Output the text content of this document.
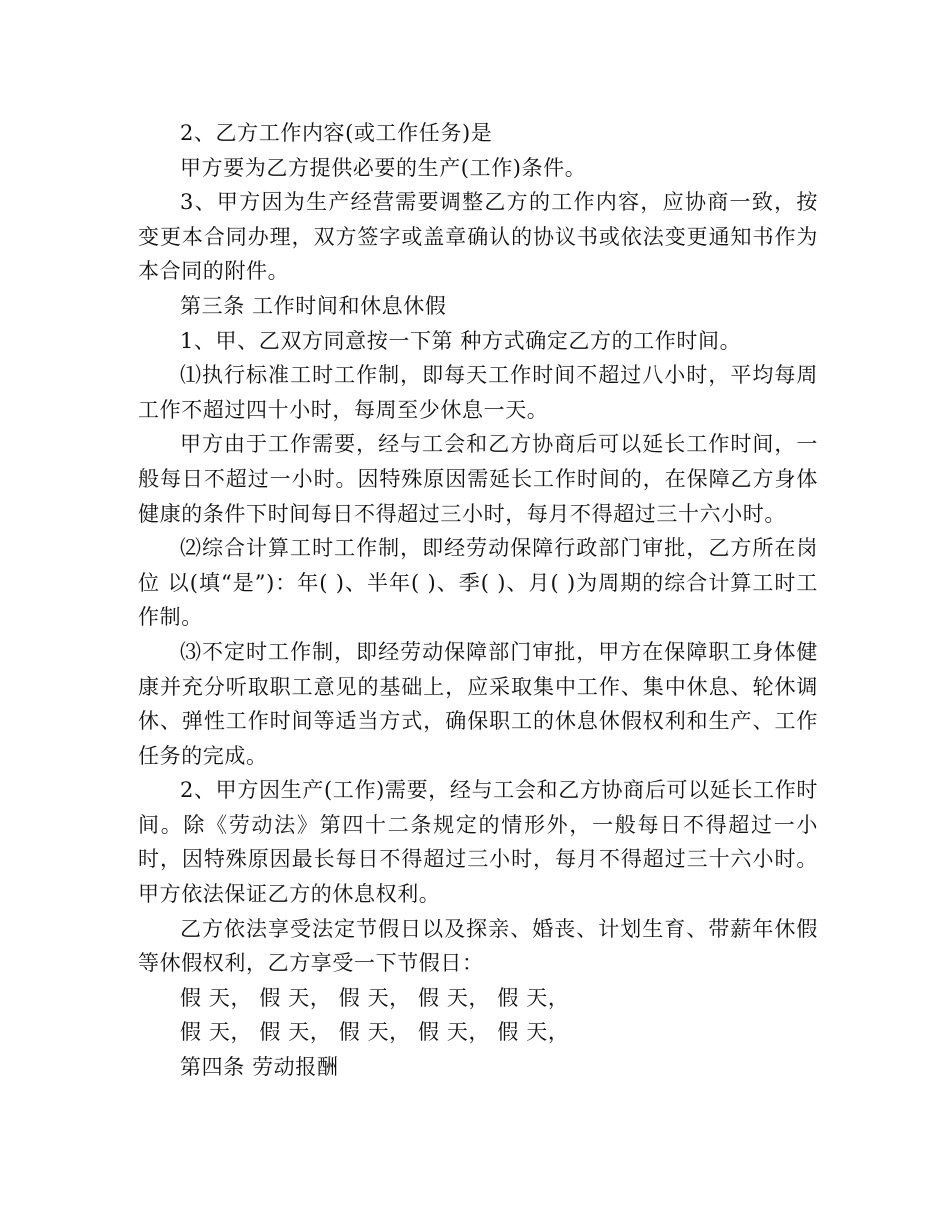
2、乙方工作内容(或工作任务)是

甲方要为乙方提供必要的生产(工作)条件。

3、甲方因为生产经营需要调整乙方的工作内容，应协商一致，按变更本合同办理，双方签字或盖章确认的协议书或依法变更通知书作为本合同的附件。

第三条 工作时间和休息休假

1、甲、乙双方同意按一下第 种方式确定乙方的工作时间。

⑴执行标准工时工作制，即每天工作时间不超过八小时，平均每周工作不超过四十小时，每周至少休息一天。

甲方由于工作需要，经与工会和乙方协商后可以延长工作时间，一般每日不超过一小时。因特殊原因需延长工作时间的，在保障乙方身体健康的条件下时间每日不得超过三小时，每月不得超过三十六小时。

⑵综合计算工时工作制，即经劳动保障行政部门审批，乙方所在岗位 以(填“是”)：年( )、半年( )、季( )、月( )为周期的综合计算工时工作制。

⑶不定时工作制，即经劳动保障部门审批，甲方在保障职工身体健康并充分听取职工意见的基础上，应采取集中工作、集中休息、轮休调休、弹性工作时间等适当方式，确保职工的休息休假权利和生产、工作任务的完成。

2、甲方因生产(工作)需要，经与工会和乙方协商后可以延长工作时间。除《劳动法》第四十二条规定的情形外，一般每日不得超过一小时，因特殊原因最长每日不得超过三小时，每月不得超过三十六小时。甲方依法保证乙方的休息权利。

乙方依法享受法定节假日以及探亲、婚丧、计划生育、带薪年休假等休假权利，乙方享受一下节假日：

假 天， 假 天， 假 天， 假 天， 假 天，

假 天， 假 天， 假 天， 假 天， 假 天，

第四条 劳动报酬
